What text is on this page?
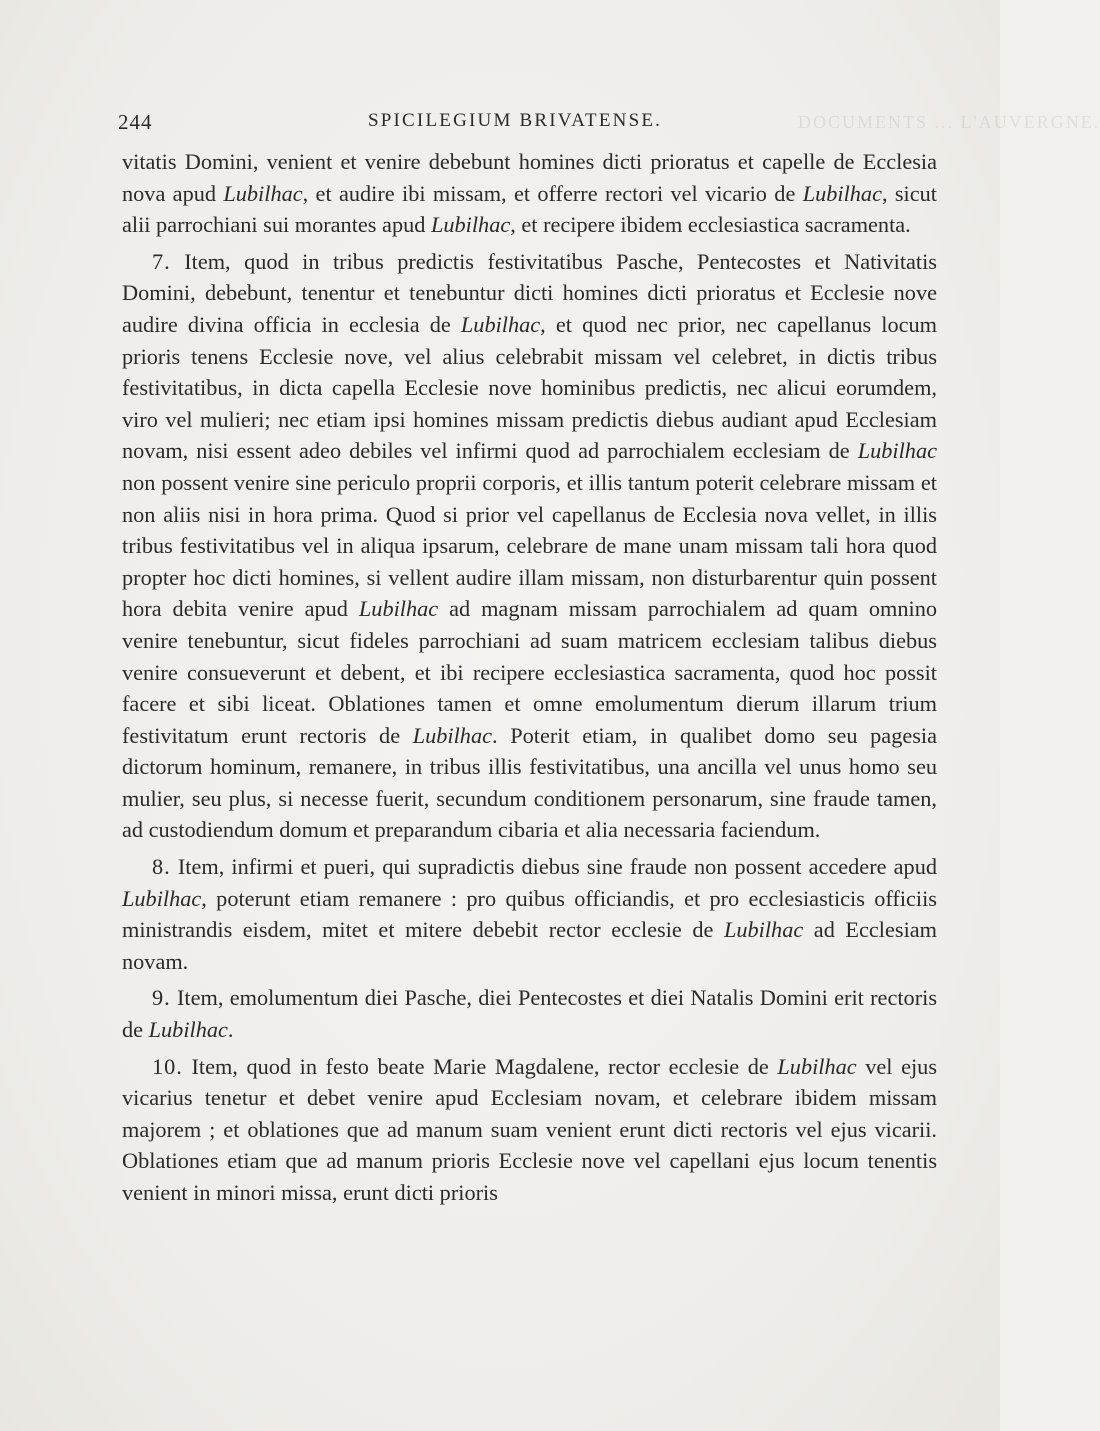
244	SPICILEGIUM BRIVATENSE.	DOCUMENTS ... L'AUVERGNE.

vitatis Domini, venient et venire debebunt homines dicti prioratus et capelle de Ecclesia nova apud Lubilhac, et audire ibi missam, et offerre rectori vel vicario de Lubilhac, sicut alii parrochiani sui morantes apud Lubilhac, et recipere ibidem ecclesiastica sacramenta.

7. Item, quod in tribus predictis festivitatibus Pasche, Pentecostes et Nativitatis Domini, debebunt, tenentur et tenebuntur dicti homines dicti prioratus et Ecclesie nove audire divina officia in ecclesia de Lubilhac, et quod nec prior, nec capellanus locum prioris tenens Ecclesie nove, vel alius celebrabit missam vel celebret, in dictis tribus festivitatibus, in dicta capella Ecclesie nove hominibus predictis, nec alicui eorumdem, viro vel mulieri; nec etiam ipsi homines missam predictis diebus audiant apud Ecclesiam novam, nisi essent adeo debiles vel infirmi quod ad parrochialem ecclesiam de Lubilhac non possent venire sine periculo proprii corporis, et illis tantum poterit celebrare missam et non aliis nisi in hora prima. Quod si prior vel capellanus de Ecclesia nova vellet, in illis tribus festivitatibus vel in aliqua ipsarum, celebrare de mane unam missam tali hora quod propter hoc dicti homines, si vellent audire illam missam, non disturbarentur quin possent hora debita venire apud Lubilhac ad magnam missam parrochialem ad quam omnino venire tenebuntur, sicut fideles parrochiani ad suam matricem ecclesiam talibus diebus venire consueverunt et debent, et ibi recipere ecclesiastica sacramenta, quod hoc possit facere et sibi liceat. Oblationes tamen et omne emolumentum dierum illarum trium festivitatum erunt rectoris de Lubilhac. Poterit etiam, in qualibet domo seu pagesia dictorum hominum, remanere, in tribus illis festivitatibus, una ancilla vel unus homo seu mulier, seu plus, si necesse fuerit, secundum conditionem personarum, sine fraude tamen, ad custodiendum domum et preparandum cibaria et alia necessaria faciendum.

8. Item, infirmi et pueri, qui supradictis diebus sine fraude non possent accedere apud Lubilhac, poterunt etiam remanere : pro quibus officiandis, et pro ecclesiasticis officiis ministrandis eisdem, mitet et mitere debebit rector ecclesie de Lubilhac ad Ecclesiam novam.

9. Item, emolumentum diei Pasche, diei Pentecostes et diei Natalis Domini erit rectoris de Lubilhac.

10. Item, quod in festo beate Marie Magdalene, rector ecclesie de Lubilhac vel ejus vicarius tenetur et debet venire apud Ecclesiam novam, et celebrare ibidem missam majorem ; et oblationes que ad manum suam venient erunt dicti rectoris vel ejus vicarii. Oblationes etiam que ad manum prioris Ecclesie nove vel capellani ejus locum tenentis venient in minori missa, erunt dicti prioris
